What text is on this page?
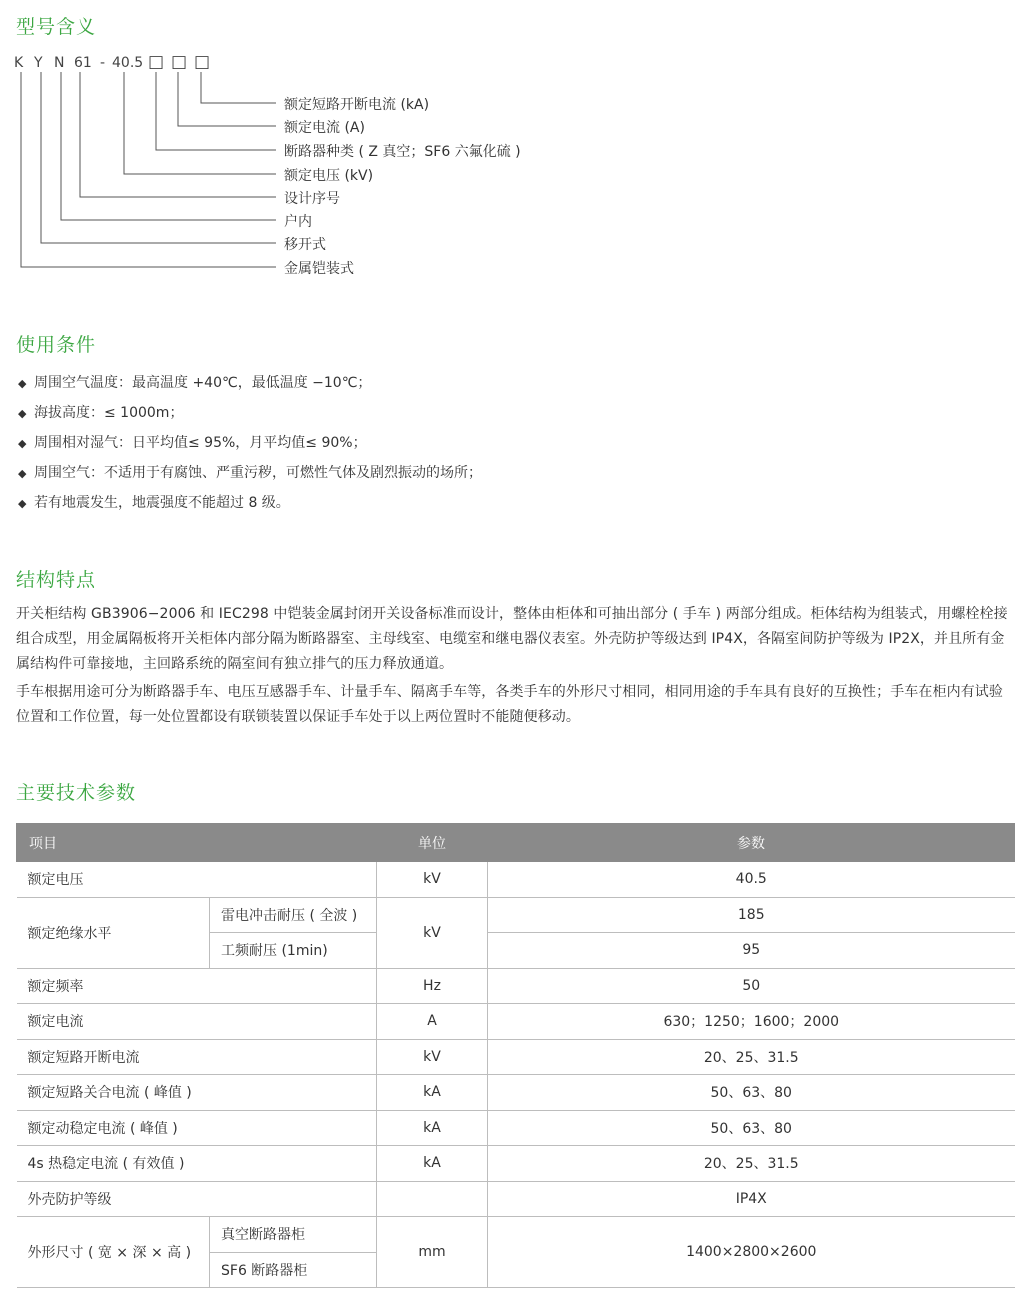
型号含义
K Y N 61 - 40.5 □ □ □
额定短路开断电流 (kA)
额定电流 (A)
断路器种类 ( Z 真空；SF6 六氟化硫 )
额定电压 (kV)
设计序号
户内
移开式
金属铠装式
使用条件
◆ 周围空气温度：最高温度 +40℃，最低温度 −10℃；
◆ 海拔高度：≤ 1000m；
◆ 周围相对湿气：日平均值≤ 95%，月平均值≤ 90%；
◆ 周围空气：不适用于有腐蚀、严重污秽，可燃性气体及剧烈振动的场所；
◆ 若有地震发生，地震强度不能超过 8 级。
结构特点

开关柜结构 GB3906−2006 和 IEC298 中铠装金属封闭开关设备标准而设计，整体由柜体和可抽出部分 ( 手车 ) 两部分组成。柜体结构为组装式，用螺栓栓接组合成型，用金属隔板将开关柜体内部分隔为断路器室、主母线室、电缆室和继电器仪表室。外壳防护等级达到 IP4X，各隔室间防护等级为 IP2X，并且所有金属结构件可靠接地，主回路系统的隔室间有独立排气的压力释放通道。

手车根据用途可分为断路器手车、电压互感器手车、计量手车、隔离手车等，各类手车的外形尺寸相同，相同用途的手车具有良好的互换性；手车在柜内有试验位置和工作位置，每一处位置都设有联锁装置以保证手车处于以上两位置时不能随便移动。

主要技术参数
项目		单位	参数
额定电压		kV	40.5
额定绝缘水平	雷电冲击耐压 ( 全波 )	kV	185
	工频耐压 (1min)		95
额定频率		Hz	50
额定电流		A	630；1250；1600；2000
额定短路开断电流		kV	20、25、31.5
额定短路关合电流 ( 峰值 )		kA	50、63、80
额定动稳定电流 ( 峰值 )		kA	50、63、80
4s 热稳定电流 ( 有效值 )		kA	20、25、31.5
外壳防护等级			IP4X
外形尺寸 ( 宽 × 深 × 高 )	真空断路器柜	mm	1400×2800×2600
	SF6 断路器柜		
